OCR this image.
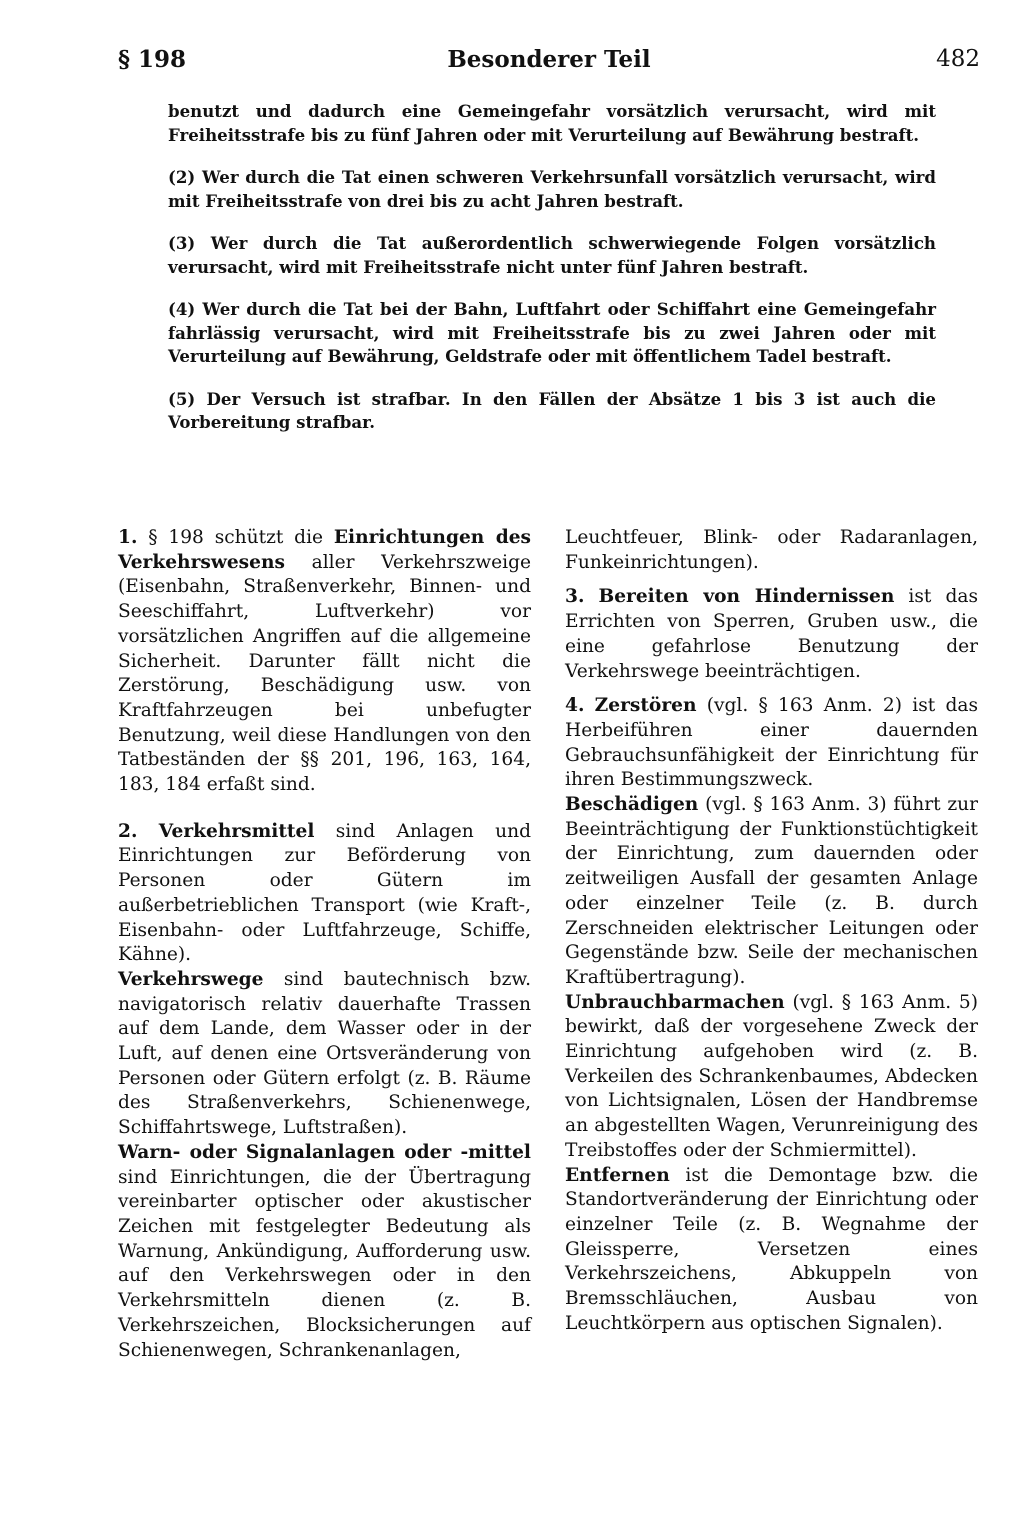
Besonderer Teil
§ 198	482

benutzt und dadurch eine Gemeingefahr vorsätzlich verursacht, wird mit Freiheitsstrafe bis zu fünf Jahren oder mit Verurteilung auf Bewährung bestraft.

(2) Wer durch die Tat einen schweren Verkehrsunfall vorsätzlich verursacht, wird mit Freiheitsstrafe von drei bis zu acht Jahren bestraft.

(3) Wer durch die Tat außerordentlich schwerwiegende Folgen vorsätzlich verursacht, wird mit Freiheitsstrafe nicht unter fünf Jahren bestraft.

(4) Wer durch die Tat bei der Bahn, Luftfahrt oder Schiffahrt eine Gemeingefahr fahrlässig verursacht, wird mit Freiheitsstrafe bis zu zwei Jahren oder mit Verurteilung auf Bewährung, Geldstrafe oder mit öffentlichem Tadel bestraft.

(5) Der Versuch ist strafbar. In den Fällen der Absätze 1 bis 3 ist auch die Vorbereitung strafbar.

1. § 198 schützt die Einrichtungen des Verkehrswesens aller Verkehrszweige (Eisenbahn, Straßenverkehr, Binnen- und Seeschiffahrt, Luftverkehr) vor vorsätzlichen Angriffen auf die allgemeine Sicherheit. Darunter fällt nicht die Zerstörung, Beschädigung usw. von Kraftfahrzeugen bei unbefugter Benutzung, weil diese Handlungen von den Tatbeständen der §§ 201, 196, 163, 164, 183, 184 erfaßt sind.

2. Verkehrsmittel sind Anlagen und Einrichtungen zur Beförderung von Personen oder Gütern im außerbetrieblichen Transport (wie Kraft-, Eisenbahn- oder Luftfahrzeuge, Schiffe, Kähne).

Verkehrswege sind bautechnisch bzw. navigatorisch relativ dauerhafte Trassen auf dem Lande, dem Wasser oder in der Luft, auf denen eine Ortsveränderung von Personen oder Gütern erfolgt (z. B. Räume des Straßenverkehrs, Schienenwege, Schiffahrtswege, Luftstraßen).

Warn- oder Signalanlagen oder -mittel sind Einrichtungen, die der Übertragung vereinbarter optischer oder akustischer Zeichen mit festgelegter Bedeutung als Warnung, Ankündigung, Aufforderung usw. auf den Verkehrswegen oder in den Verkehrsmitteln dienen (z. B. Verkehrszeichen, Blocksicherungen auf Schienenwegen, Schrankenanlagen,

Leuchtfeuer, Blink- oder Radaranlagen, Funkeinrichtungen).

3. Bereiten von Hindernissen ist das Errichten von Sperren, Gruben usw., die eine gefahrlose Benutzung der Verkehrswege beeinträchtigen.

4. Zerstören (vgl. § 163 Anm. 2) ist das Herbeiführen einer dauernden Gebrauchsunfähigkeit der Einrichtung für ihren Bestimmungszweck.

Beschädigen (vgl. § 163 Anm. 3) führt zur Beeinträchtigung der Funktionstüchtigkeit der Einrichtung, zum dauernden oder zeitweiligen Ausfall der gesamten Anlage oder einzelner Teile (z. B. durch Zerschneiden elektrischer Leitungen oder Gegenstände bzw. Seile der mechanischen Kraftübertragung).

Unbrauchbarmachen (vgl. § 163 Anm. 5) bewirkt, daß der vorgesehene Zweck der Einrichtung aufgehoben wird (z. B. Verkeilen des Schrankenbaumes, Abdecken von Lichtsignalen, Lösen der Handbremse an abgestellten Wagen, Verunreinigung des Treibstoffes oder der Schmiermittel).

Entfernen ist die Demontage bzw. die Standortveränderung der Einrichtung oder einzelner Teile (z. B. Wegnahme der Gleissperre, Versetzen eines Verkehrszeichens, Abkuppeln von Bremsschläuchen, Ausbau von Leuchtkörpern aus optischen Signalen).
